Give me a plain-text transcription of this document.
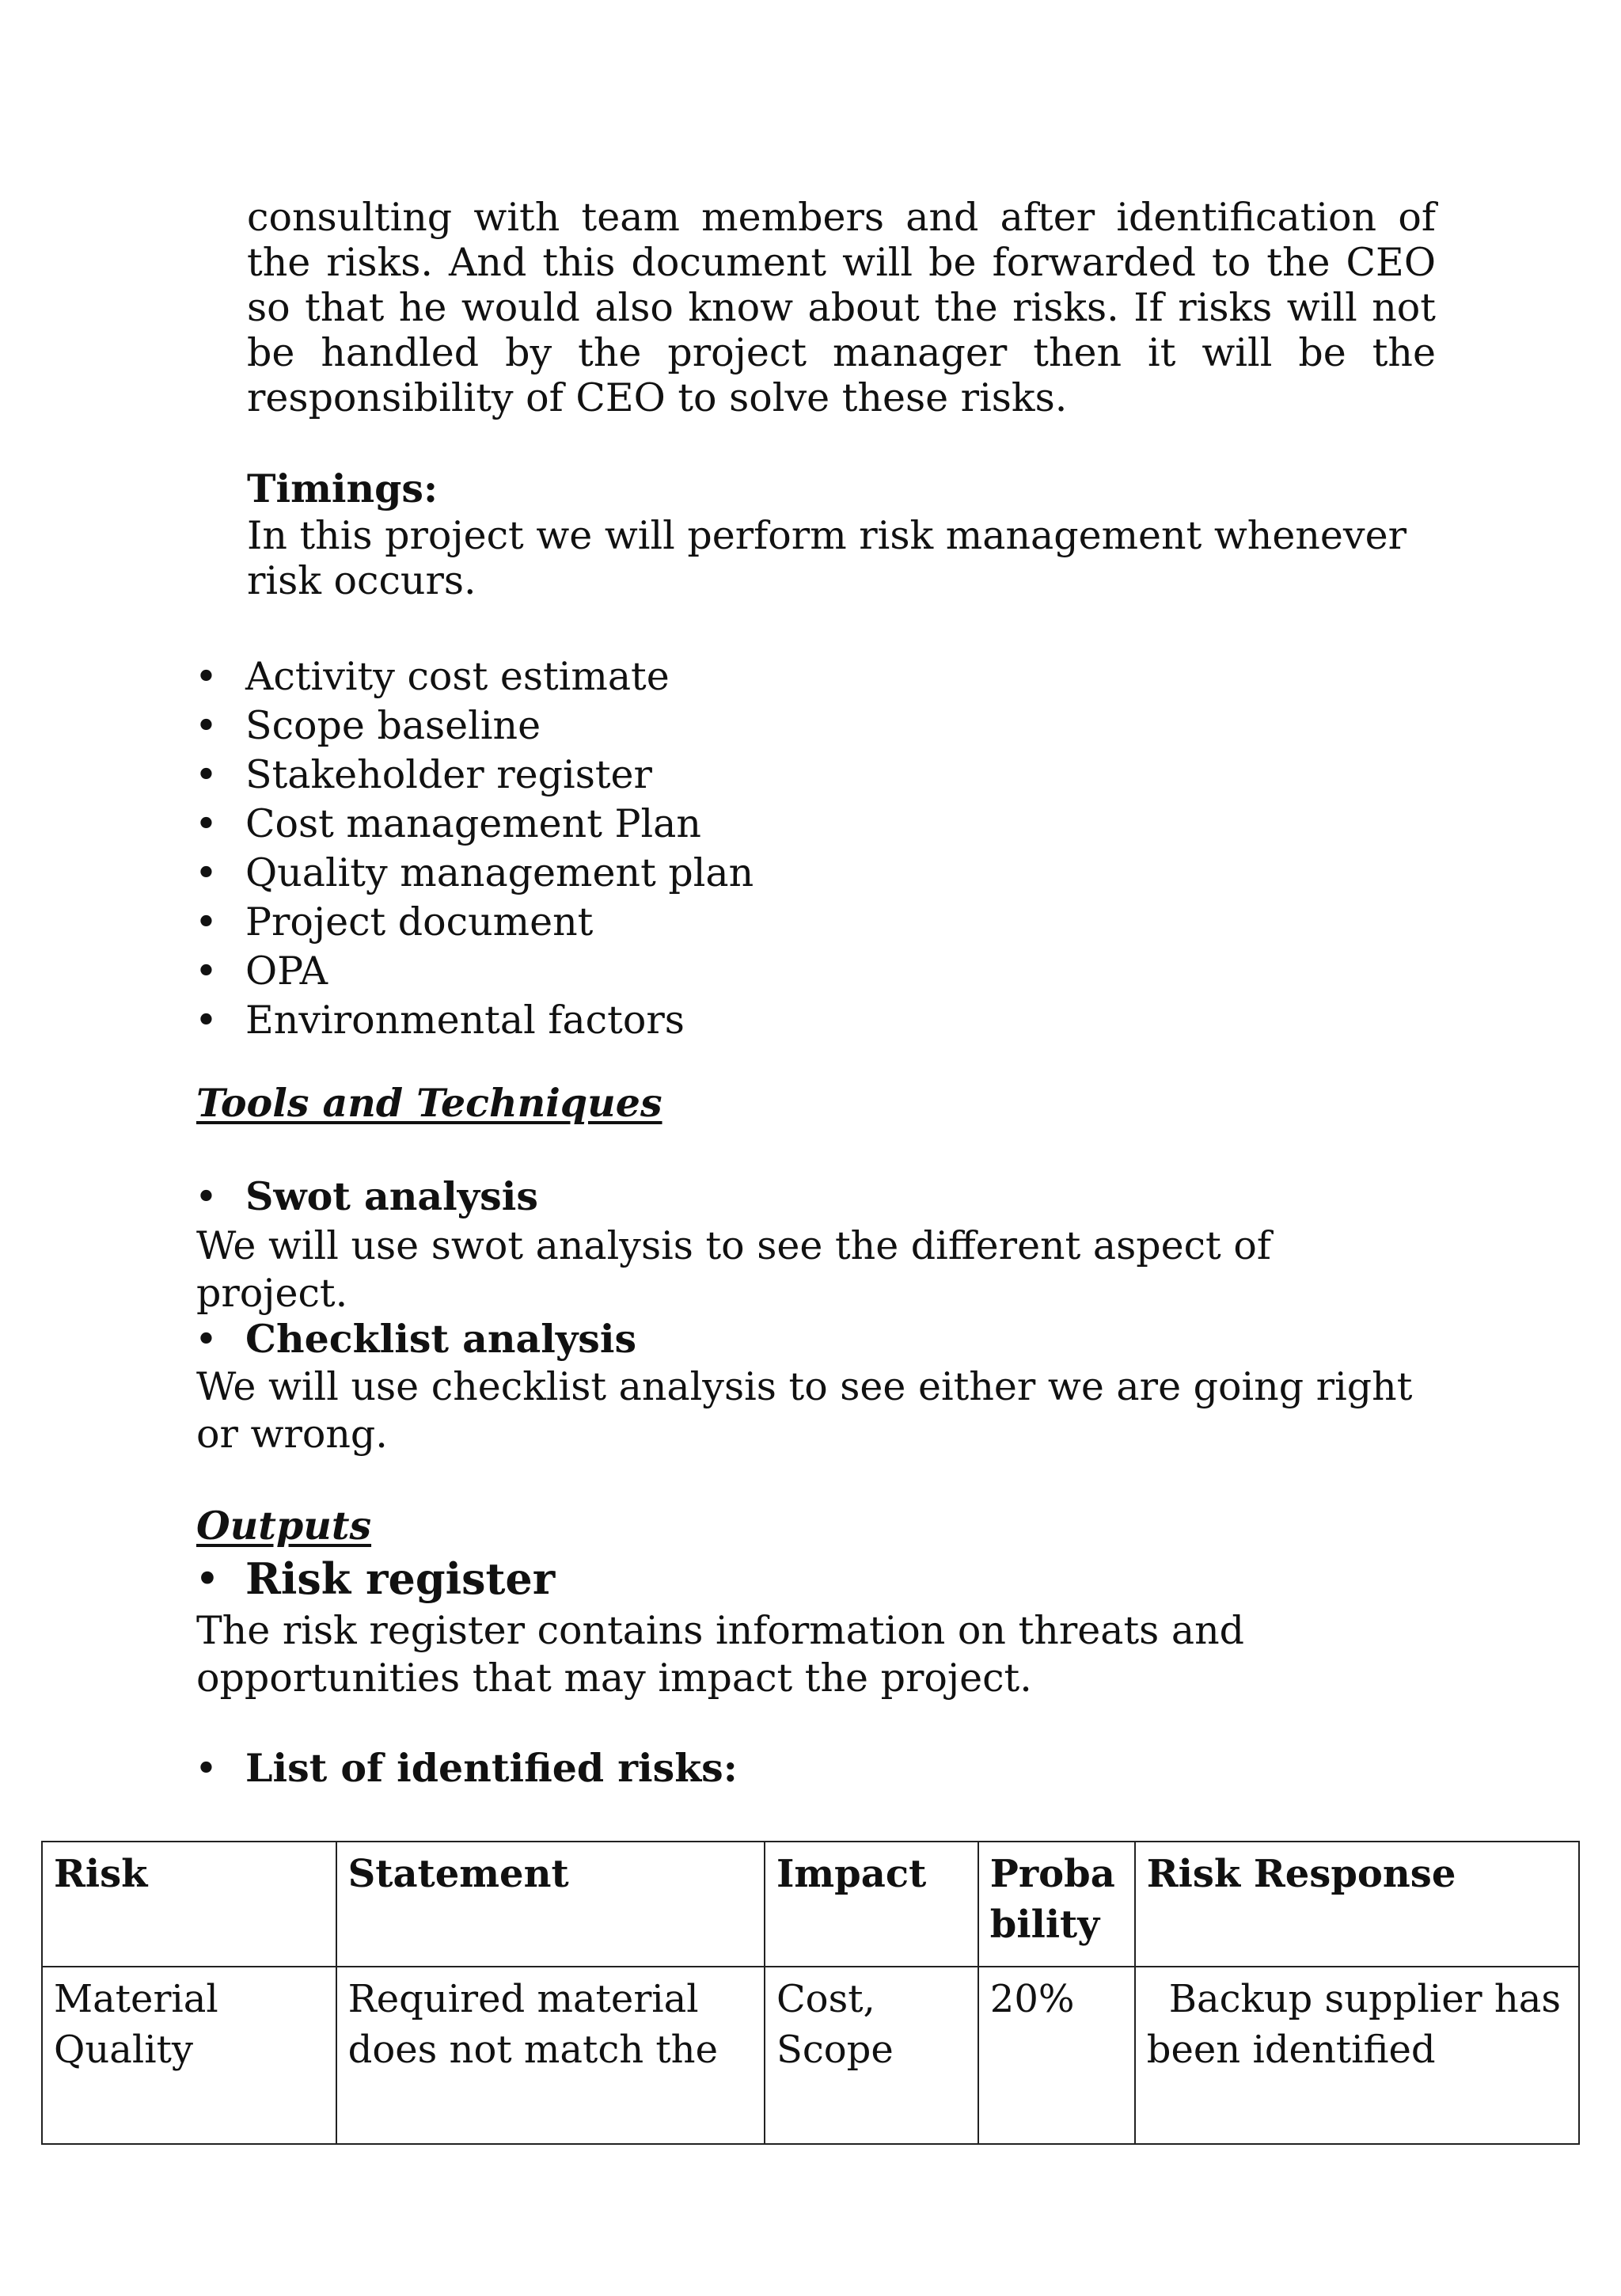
consulting with team members and after identification of the risks. And this document will be forwarded to the CEO so that he would also know about the risks. If risks will not be handled by the project manager then it will be the responsibility of CEO to solve these risks.

Timings:

In this project we will perform risk management whenever risk occurs.

• Activity cost estimate
• Scope baseline
• Stakeholder register
• Cost management Plan
• Quality management plan
• Project document
• OPA
• Environmental factors
Tools and Techniques
• Swot analysis

We will use swot analysis to see the different aspect of project.

• Checklist analysis

We will use checklist analysis to see either we are going right or wrong.

Outputs
• Risk register

The risk register contains information on threats and opportunities that may impact the project.

• List of identified risks:
Risk	Statement	Impact	Proba bility	Risk Response
Material Quality	Required material does not match the	Cost, Scope	20%	Backup supplier has been identified
